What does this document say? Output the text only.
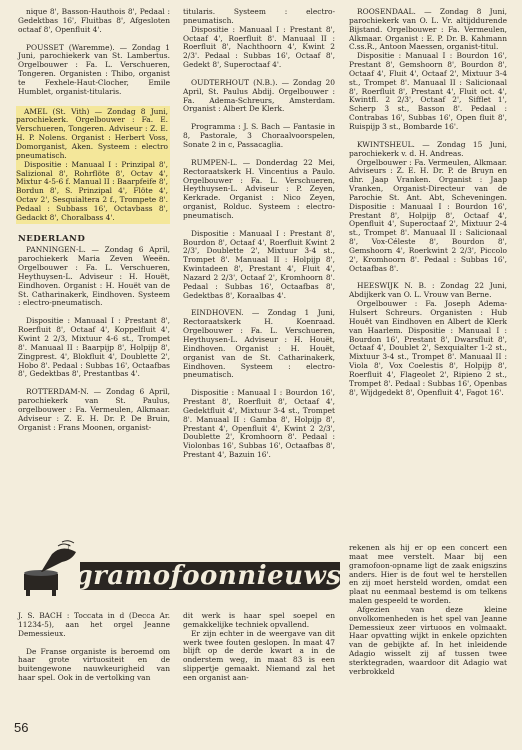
nique 8', Basson-Hauthois 8', Pedaal : Gedektbas 16', Fluitbas 8', Afgesloten octaaf 8', Openfluit 4'.

POUSSET (Waremme). — Zondag 1 Juni, parochiekerk van St. Lambertus. Orgelbouwer : Fa. L. Verschueren, Tongeren. Organisten : Thibo, organist te Fexhele-Haut-Clocher, Emile Humblet, organist-titularis.

AMEL (St. Vith) — Zondag 8 Juni, parochiekerk. Orgelbouwer : Fa. E. Verschueren, Tongeren. Adviseur : Z. E. H. P. Nolens. Organist : Herbert Voss, Domorganist, Aken. Systeem : electro pneumatisch.

Dispositie : Manuaal I : Prinzipal 8', Salizional 8', Rohrflöte 8', Octav 4', Mixtur 4-5-6 f. Manual II : Baarpfeife 8', Bordun 8', S. Prinzipal 4', Flöte 4', Octav 2', Sesquialtera 2 f., Trompete 8'. Pedaal : Subbass 16', Octavbass 8', Gedackt 8', Choralbass 4'.

NEDERLAND

PANNINGEN-L. — Zondag 6 April, parochiekerk Maria Zeven Weeën. Orgelbouwer : Fa. L. Verschueren, Heythuysen-L. Adviseur : H. Houët, Eindhoven. Organist : H. Houët van de St. Catharinakerk, Eindhoven. Systeem : electro-pneumatisch.

Dispositie : Manuaal I : Prestant 8', Roerfluit 8', Octaaf 4', Koppelfluit 4', Kwint 2 2/3, Mixtuur 4-6 st., Trompet 8'. Manuaal II : Baarpijp 8', Holpijp 8', Zingprest. 4', Blokfluit 4', Doublette 2', Hobo 8'. Pedaal : Subbas 16', Octaafbas 8', Gedektbas 8', Prestantbas 4'.

ROTTERDAM-N. — Zondag 6 April, parochiekerk van St. Paulus, orgelbouwer : Fa. Vermeulen, Alkmaar. Adviseur : Z. E. H. Dr. P. De Bruin, Organist : Frans Moonen, organist-

titularis. Systeem : electro-pneumatisch.

Dispositie : Manuaal I : Prestant 8', Octaaf 4', Roerfluit 8'. Manuaal II : Roerfluit 8', Nachthoorn 4', Kwint 2 2/3'. Pedaal : Subbas 16', Octaaf 8', Gedekt 8', Superoctaaf 4'.

OUDTERHOUT (N.B.). — Zondag 20 April, St. Paulus Abdij. Orgelbouwer : Fa. Adema-Schreurs, Amsterdam. Organist : Albert De Klerk.

Programma : J. S. Bach — Fantasie in 8, Pastorale, 3 Choraalvoorspelen, Sonate 2 in c, Passacaglia.

RUMPEN-L. — Donderdag 22 Mei, Rectoraatskerk H. Vincentius a Paulo. Orgelbouwer : Fa. L. Verschueren, Heythuysen-L. Adviseur : P. Zeyen, Kerkrade. Organist : Nico Zeyen, organist, Rolduc. Systeem : electro-pneumatisch.

Dispositie : Manuaal I : Prestant 8', Bourdon 8', Octaaf 4', Roerfluit Kwint 2 2/3', Doublette 2', Mixtuur 3-4 st., Trompet 8'. Manuaal II : Holpijp 8', Kwintadeen 8', Prestant 4', Fluit 4', Nazard 2 2/3', Octaaf 2', Kromhoorn 8'. Pedaal : Subbas 16', Octaafbas 8', Gedektbas 8', Koraalbas 4'.

EINDHOVEN. — Zondag 1 Juni, Rectoraatskerk H. Koenraad. Orgelbouwer : Fa. L. Verschueren, Heythuysen-L. Adviseur : H. Houët, Eindhoven. Organist : H. Houët, organist van de St. Catharinakerk, Eindhoven. Systeem : electro-pneumatisch.

Dispositie : Manuaal I : Bourdon 16', Prestant 8', Roerfluit 8', Octaaf 4', Gedektfluit 4', Mixtuur 3-4 st., Trompet 8'. Manuaal II : Gamba 8', Holpijp 8', Prestant 4', Openfluit 4', Kwint 2 2/3', Doublette 2', Kromhoorn 8'. Pedaal : Violonbas 16', Subbas 16', Octaafbas 8', Prestant 4', Bazuin 16'.

ROOSENDAAL. — Zondag 8 Juni, parochiekerk van O. L. Vr. altijddurende Bijstand. Orgelbouwer : Fa. Vermeulen, Alkmaar. Organist : E. P. Dr. B. Kahmann C.ss.R., Antoon Maessen, organist-titul.

Dispositie : Manuaal I : Bourdon 16', Prestant 8', Gemshoorn 8', Bourdon 8', Octaaf 4', Fluit 4', Octaaf 2', Mixtuur 3-4 st., Trompet 8'. Manuaal II : Salicionaal 8', Roerfluit 8', Prestant 4', Fluit oct. 4', Kwintfl. 2 2/3', Octaaf 2', Sifflet 1', Scherp 3 st., Basson 8'. Pedaal : Contrabas 16', Subbas 16', Open fluit 8', Ruispijp 3 st., Bombarde 16'.

KWINTSHEUL. — Zondag 15 Juni, parochiekerk v. d. H. Andreas.

Orgelbouwer : Fa. Vermeulen, Alkmaar. Adviseurs : Z. E. H. Dr. P. de Bruyn en dhr. Jaap Vranken. Organist : Jaap Vranken, Organist-Directeur van de Parochie St. Ant. Abt, Scheveningen. Dispositie : Manuaal I : Bourdon 16', Prestant 8', Holpijp 8', Octaaf 4', Openfluit 4', Superoctaaf 2', Mixtuur 2-4 st., Trompet 8'. Manuaal II : Salicionaal 8', Vox-Céleste 8', Bourdon 8', Gemshoorn 4', Roerkwint 2 2/3', Piccolo 2', Kromhoorn 8'. Pedaal : Subbas 16', Octaafbas 8'.

HEESWIJK N. B. : Zondag 22 Juni, Abdijkerk van O. L. Vrouw van Berne.

Orgelbouwer : Fa. Joseph Adema-Hulsert Schreurs. Organisten : Hub Houët van Eindhoven en Albert de Klerk van Haarlem. Dispositie : Manuaal I : Bourdon 16', Prestant 8', Dwarsfluit 8', Octaaf 4', Doublet 2', Sexquialter 1-2 st., Mixtuur 3-4 st., Trompet 8'. Manuaal II : Viola 8', Vox Coelestis 8', Holpijp 8', Roerfluit 4', Flageolet 2', Ripieno 2 st., Trompet 8'. Pedaal : Subbas 16', Openbas 8', Wijdgedekt 8', Openfluit 4', Fagot 16'.

♪
gramofoonnieuws

J. S. BACH : Toccata in d (Decca Ar. 11234-5), aan het orgel Jeanne Demessieux.

De Franse organiste is beroemd om haar grote virtuositeit en de buitengewone nauwkeurigheid van haar spel. Ook in de vertolking van

dit werk is haar spel soepel en gemakkelijke techniek opvallend.

Er zijn echter in de weergave van dit werk twee fouten geslopen. In maat 47 blijft op de derde kwart a in de onderstem weg, in maat 83 is een slippertje gemaakt. Niemand zal het een organist aan-

rekenen als hij er op een concert een maat mee verstelt. Maar bij een gramofoon-opname ligt de zaak enigszins anders. Hier is de fout wel te herstellen en zij moet hersteld worden, omdat een plaat nu eenmaal bestemd is om telkens malen gespeeld te worden.

Afgezien van deze kleine onvolkomenheden is het spel van Jeanne Demessieux zeer virtuoos en volmaakt. Haar opvatting wijkt in enkele opzichten van de gebijkte af. In het inleidende Adagio wisselt zij af tussen twee sterktegraden, waardoor dit Adagio wat verbrokkeld

56
